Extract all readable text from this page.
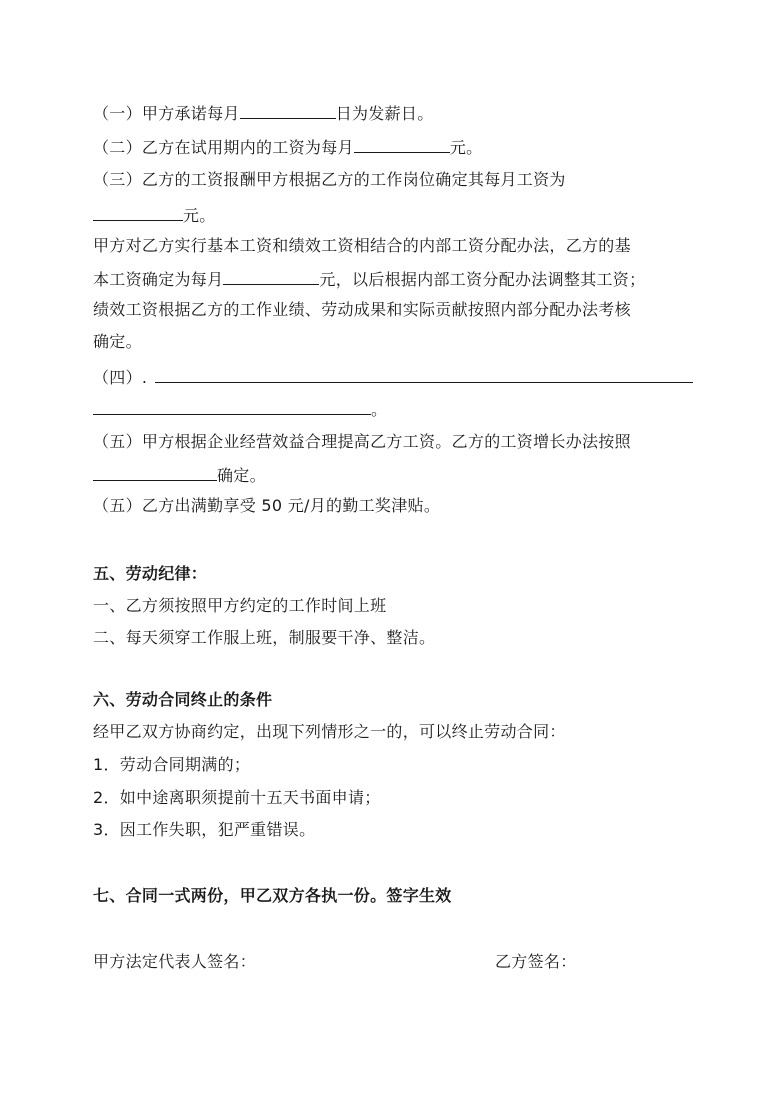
（一）甲方承诺每月	日为发薪日。
（二）乙方在试用期内的工资为每月	元。
（三）乙方的工资报酬甲方根据乙方的工作岗位确定其每月工资为
元。
甲方对乙方实行基本工资和绩效工资相结合的内部工资分配办法，乙方的基
本工资确定为每月	元，以后根据内部工资分配办法调整其工资；
绩效工资根据乙方的工作业绩、劳动成果和实际贡献按照内部分配办法考核
确定。
（四）.
。
（五）甲方根据企业经营效益合理提高乙方工资。乙方的工资增长办法按照
确定。
（五）乙方出满勤享受 50 元/月的勤工奖津贴。
五、劳动纪律：
一、乙方须按照甲方约定的工作时间上班
二、每天须穿工作服上班，制服要干净、整洁。
六、劳动合同终止的条件
经甲乙双方协商约定，出现下列情形之一的，可以终止劳动合同：
1．劳动合同期满的；
2．如中途离职须提前十五天书面申请；
3．因工作失职，犯严重错误。
七、合同一式两份，甲乙双方各执一份。签字生效
甲方法定代表人签名：	乙方签名：
